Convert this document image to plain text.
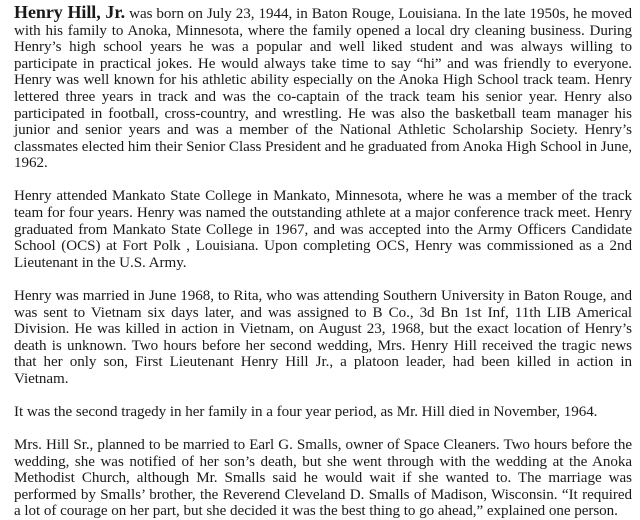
Henry Hill, Jr. was born on July 23, 1944, in Baton Rouge, Louisiana. In the late 1950s, he moved with his family to Anoka, Minnesota, where the family opened a local dry cleaning business. During Henry’s high school years he was a popular and well liked student and was always willing to participate in practical jokes. He would always take time to say “hi” and was friendly to everyone. Henry was well known for his athletic ability especially on the Anoka High School track team. Henry lettered three years in track and was the co-captain of the track team his senior year. Henry also participated in football, cross-country, and wrestling. He was also the basketball team manager his junior and senior years and was a member of the National Athletic Scholarship Society. Henry’s classmates elected him their Senior Class President and he graduated from Anoka High School in June, 1962.

Henry attended Mankato State College in Mankato, Minnesota, where he was a member of the track team for four years. Henry was named the outstanding athlete at a major conference track meet. Henry graduated from Mankato State College in 1967, and was accepted into the Army Officers Candidate School (OCS) at Fort Polk , Louisiana. Upon completing OCS, Henry was commissioned as a 2nd Lieutenant in the U.S. Army.

Henry was married in June 1968, to Rita, who was attending Southern University in Baton Rouge, and was sent to Vietnam six days later, and was assigned to B Co., 3d Bn 1st Inf, 11th LIB Americal Division. He was killed in action in Vietnam, on August 23, 1968, but the exact location of Henry’s death is unknown. Two hours before her second wedding, Mrs. Henry Hill received the tragic news that her only son, First Lieutenant Henry Hill Jr., a platoon leader, had been killed in action in Vietnam.

It was the second tragedy in her family in a four year period, as Mr. Hill died in November, 1964.

Mrs. Hill Sr., planned to be married to Earl G. Smalls, owner of Space Cleaners. Two hours before the wedding, she was notified of her son’s death, but she went through with the wedding at the Anoka Methodist Church, although Mr. Smalls said he would wait if she wanted to. The marriage was performed by Smalls’ brother, the Reverend Cleveland D. Smalls of Madison, Wisconsin. “It required a lot of courage on her part, but she decided it was the best thing to go ahead,” explained one person.
